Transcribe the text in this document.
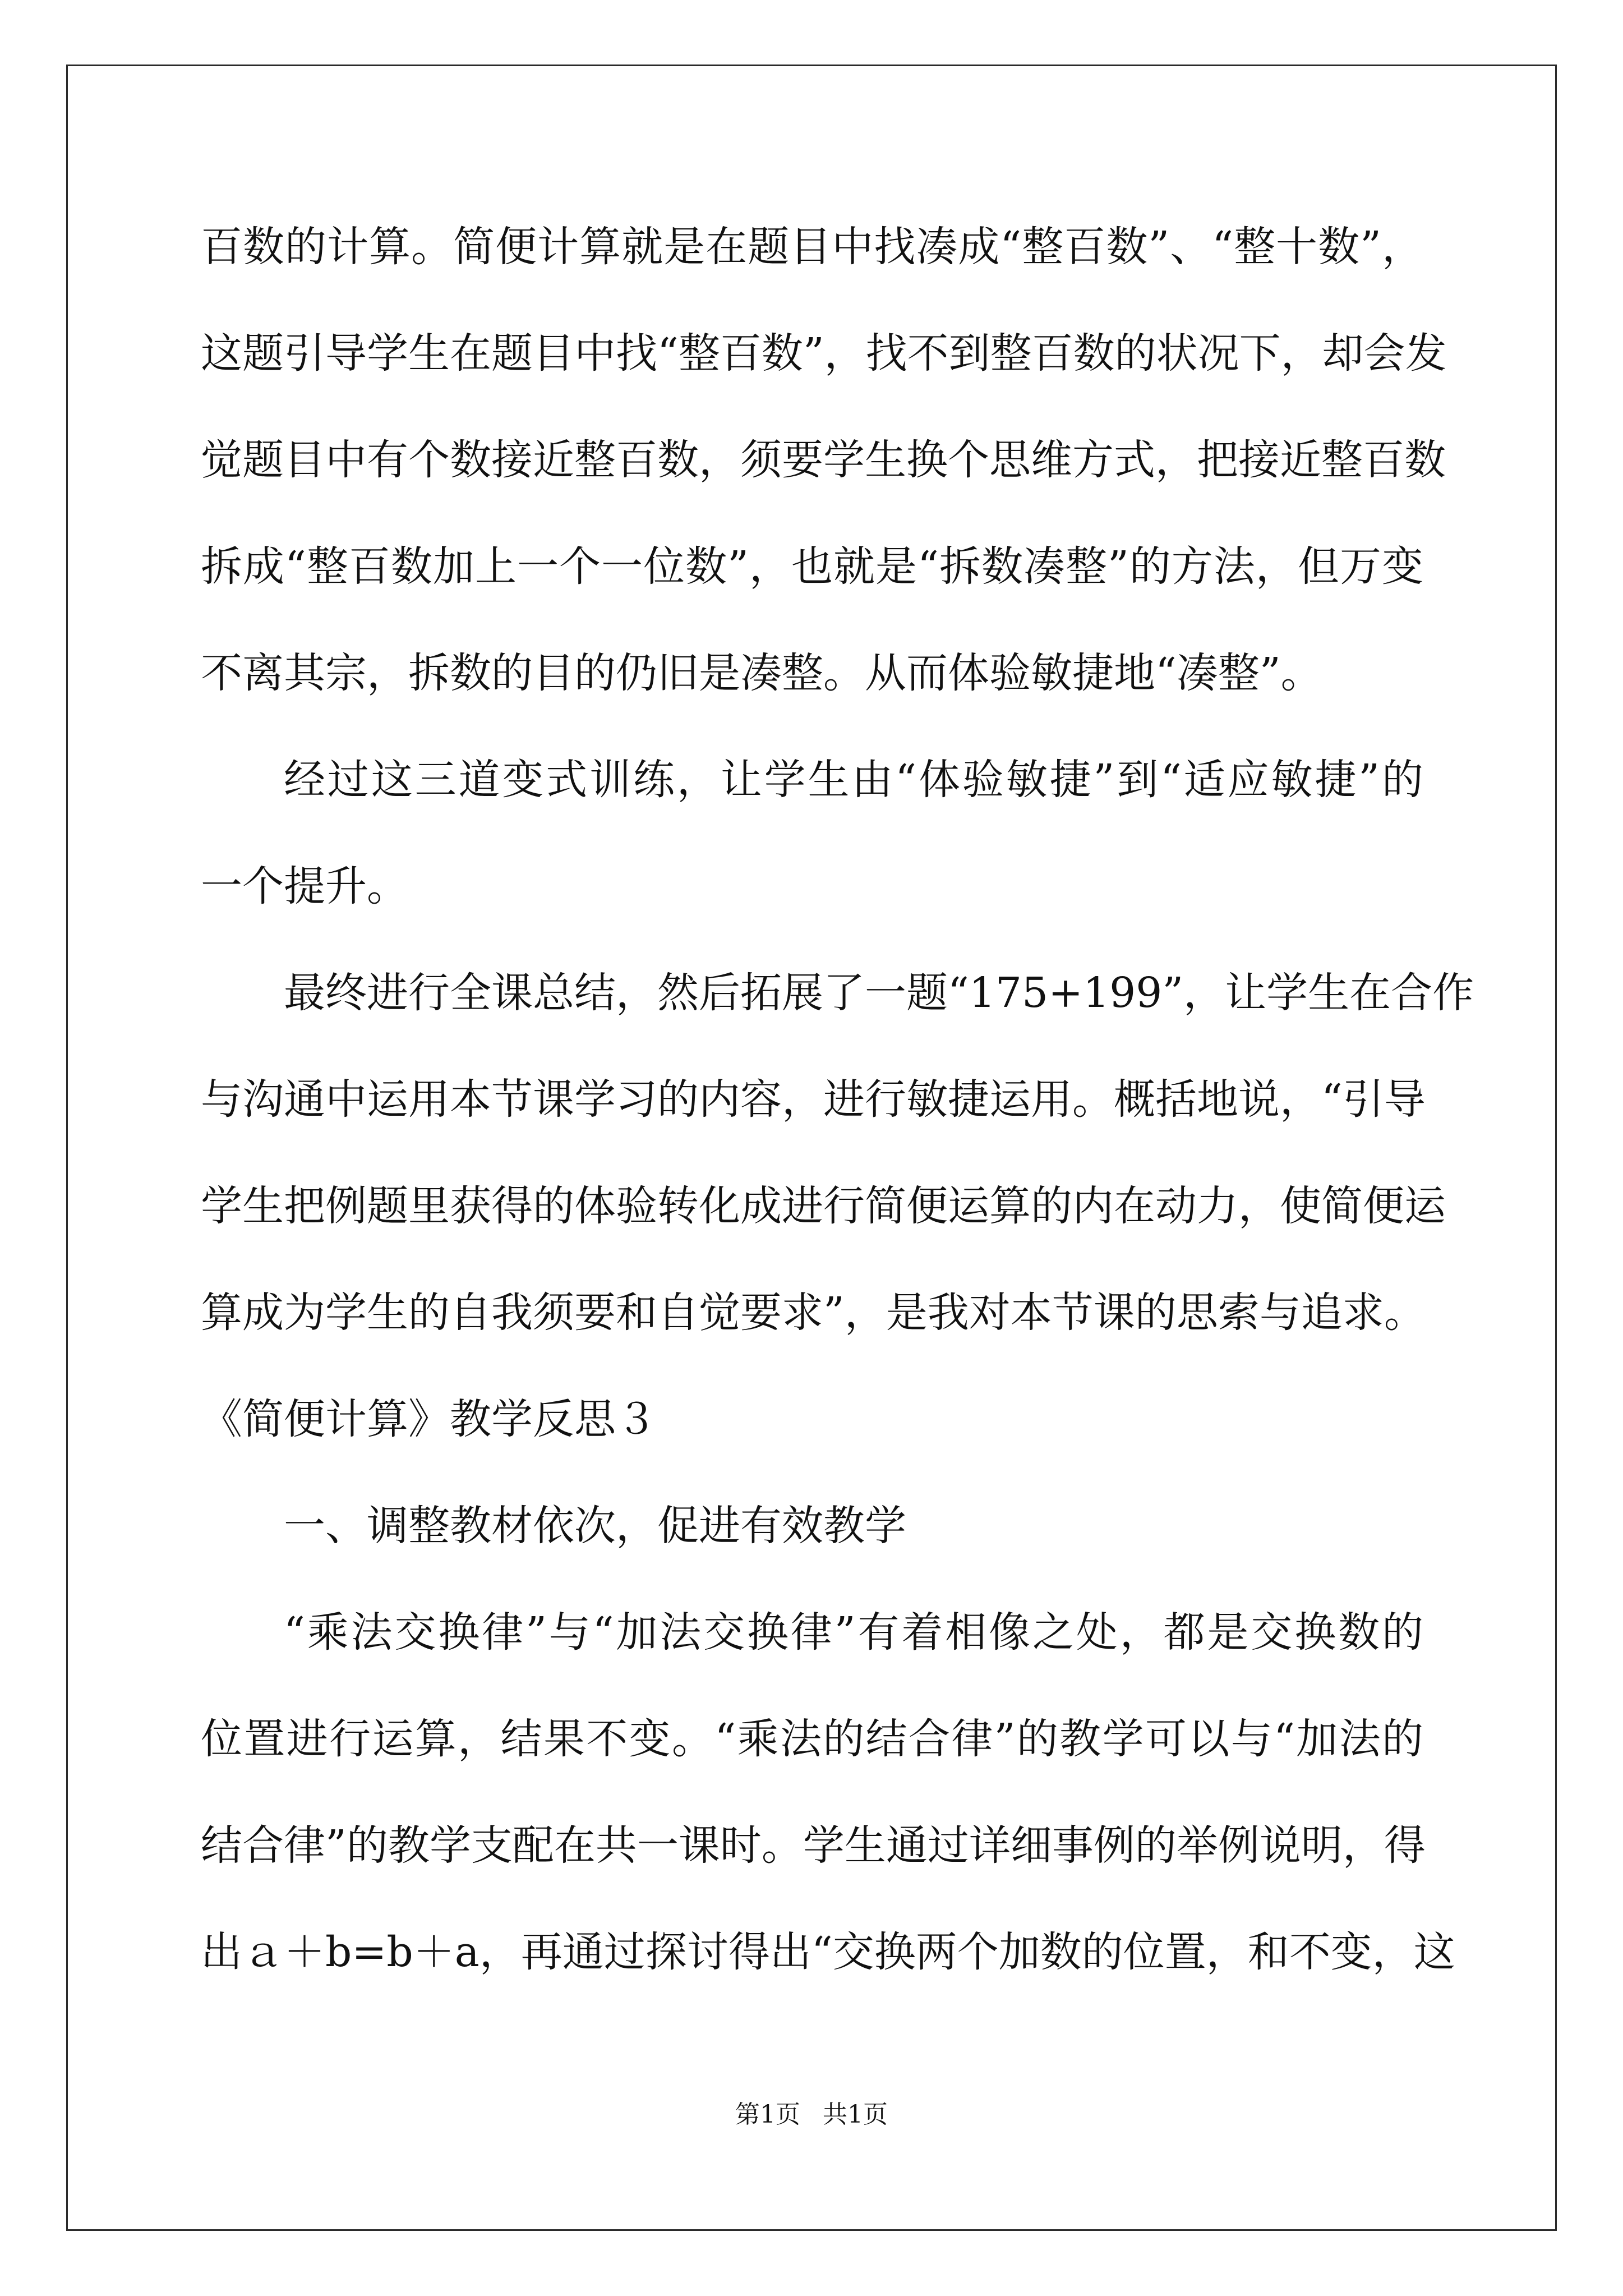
百数的计算。简便计算就是在题目中找凑成“整百数”、“整十数”，
这题引导学生在题目中找“整百数”，找不到整百数的状况下，却会发
觉题目中有个数接近整百数，须要学生换个思维方式，把接近整百数
拆成“整百数加上一个一位数”，也就是“拆数凑整”的方法，但万变
不离其宗，拆数的目的仍旧是凑整。从而体验敏捷地“凑整”。
经过这三道变式训练，让学生由“体验敏捷”到“适应敏捷”的
一个提升。
最终进行全课总结，然后拓展了一题“175+199”，让学生在合作
与沟通中运用本节课学习的内容，进行敏捷运用。概括地说，“引导
学生把例题里获得的体验转化成进行简便运算的内在动力，使简便运
算成为学生的自我须要和自觉要求”，是我对本节课的思索与追求。
《简便计算》教学反思３
一、调整教材依次，促进有效教学
“乘法交换律”与“加法交换律”有着相像之处，都是交换数的
位置进行运算，结果不变。“乘法的结合律”的教学可以与“加法的
结合律”的教学支配在共一课时。学生通过详细事例的举例说明，得
出ａ＋b=b＋a，再通过探讨得出“交换两个加数的位置，和不变，这
第1页 共1页
